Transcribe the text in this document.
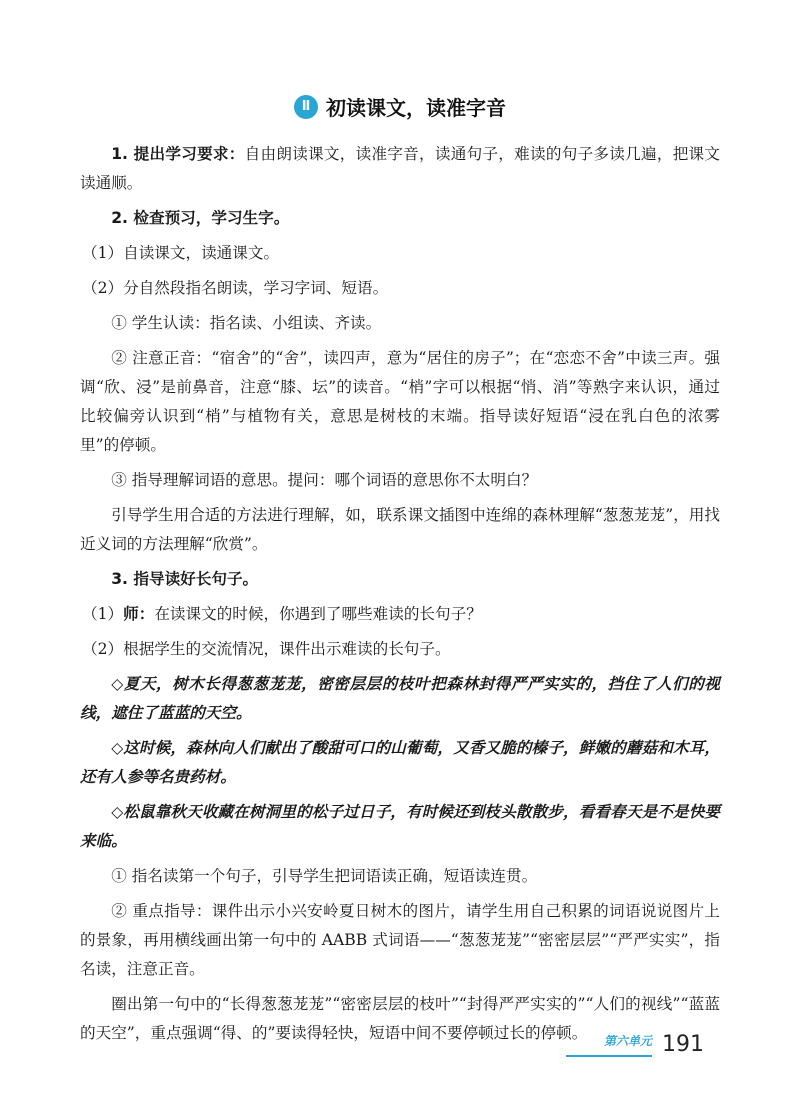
Ⅱ 初读课文，读准字音

1. 提出学习要求：自由朗读课文，读准字音，读通句子，难读的句子多读几遍，把课文读通顺。

2. 检查预习，学习生字。

（1）自读课文，读通课文。

（2）分自然段指名朗读，学习字词、短语。

① 学生认读：指名读、小组读、齐读。

② 注意正音：“宿舍”的“舍”，读四声，意为“居住的房子”；在“恋恋不舍”中读三声。强调“欣、浸”是前鼻音，注意“膝、坛”的读音。“梢”字可以根据“悄、消”等熟字来认识，通过比较偏旁认识到“梢”与植物有关，意思是树枝的末端。指导读好短语“浸在乳白色的浓雾里”的停顿。

③ 指导理解词语的意思。提问：哪个词语的意思你不太明白？

引导学生用合适的方法进行理解，如，联系课文插图中连绵的森林理解“葱葱茏茏”，用找近义词的方法理解“欣赏”。

3. 指导读好长句子。

（1）师：在读课文的时候，你遇到了哪些难读的长句子？

（2）根据学生的交流情况，课件出示难读的长句子。

◇夏天，树木长得葱葱茏茏，密密层层的枝叶把森林封得严严实实的，挡住了人们的视线，遮住了蓝蓝的天空。

◇这时候，森林向人们献出了酸甜可口的山葡萄，又香又脆的榛子，鲜嫩的蘑菇和木耳，还有人参等名贵药材。

◇松鼠靠秋天收藏在树洞里的松子过日子，有时候还到枝头散散步，看看春天是不是快要来临。

① 指名读第一个句子，引导学生把词语读正确，短语读连贯。

② 重点指导：课件出示小兴安岭夏日树木的图片，请学生用自己积累的词语说说图片上的景象，再用横线画出第一句中的 AABB 式词语——“葱葱茏茏”“密密层层”“严严实实”，指名读，注意正音。

圈出第一句中的“长得葱葱茏茏”“密密层层的枝叶”“封得严严实实的”“人们的视线”“蓝蓝的天空”，重点强调“得、的”要读得轻快，短语中间不要停顿过长的停顿。	第六单元 191
